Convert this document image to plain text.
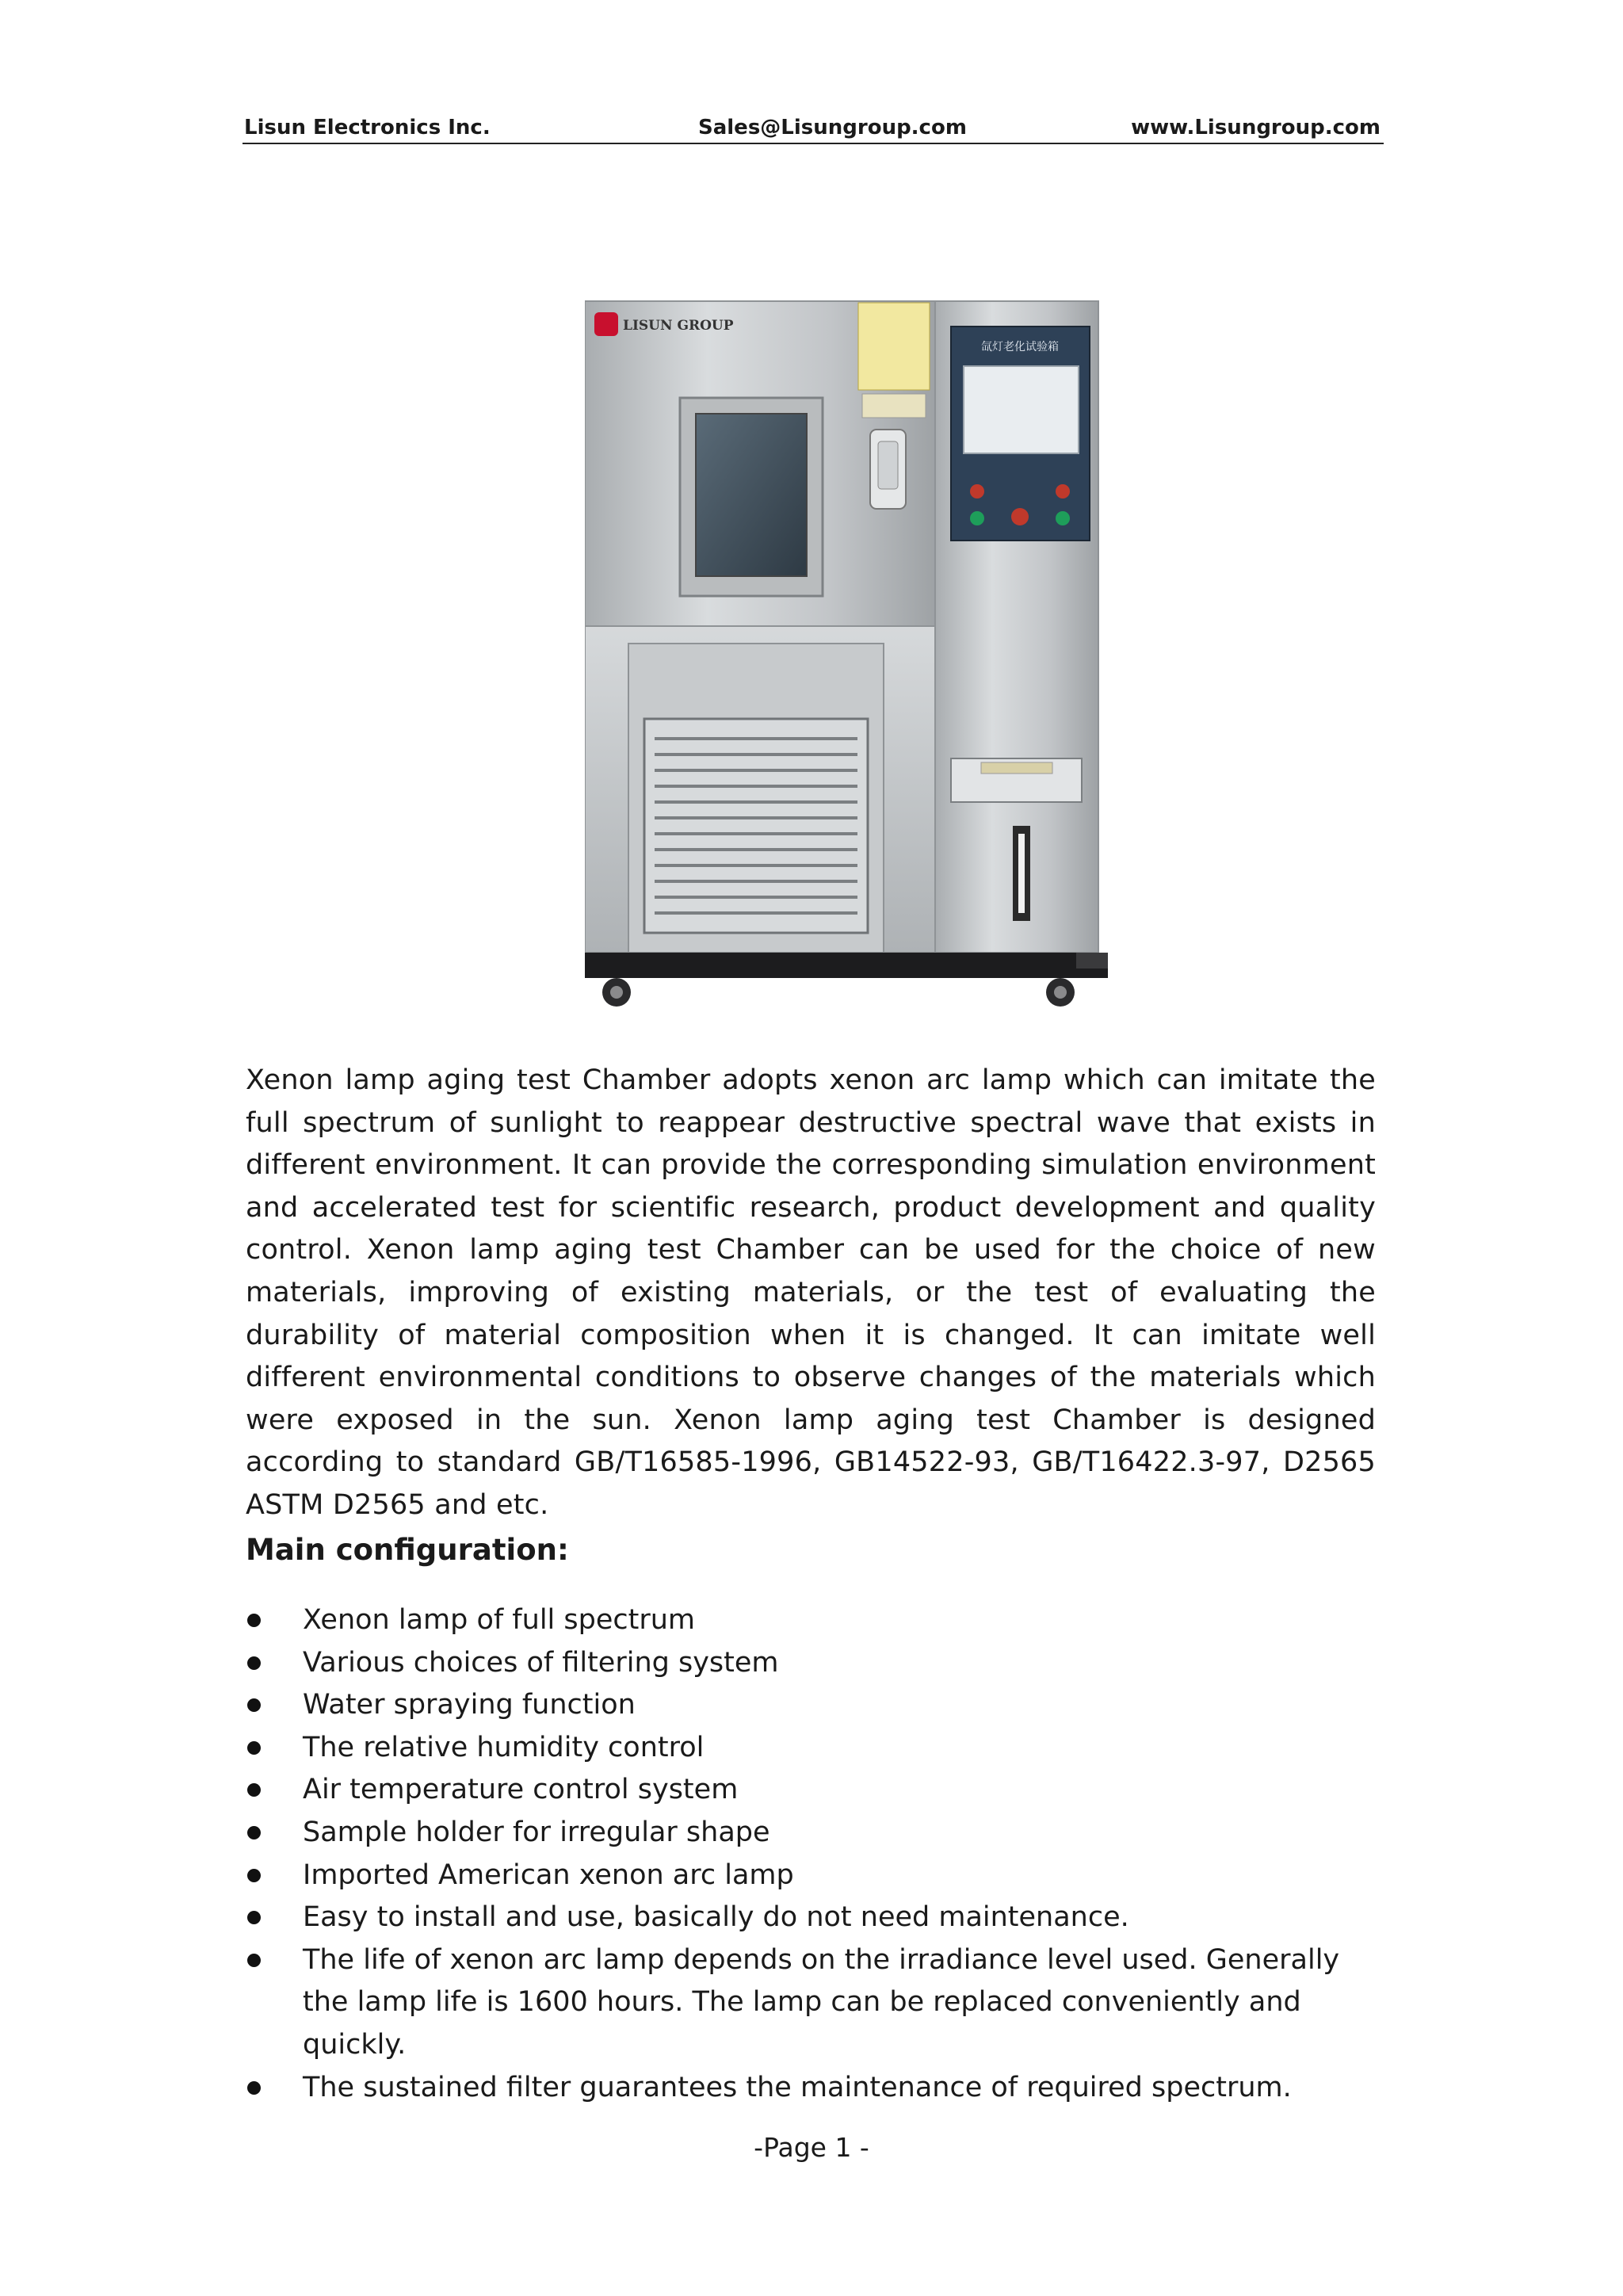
Lisun Electronics Inc.	Sales@Lisungroup.com	www.Lisungroup.com
LISUN GROUP
氙灯老化试验箱

Xenon lamp aging test Chamber adopts xenon arc lamp which can imitate the full spectrum of sunlight to reappear destructive spectral wave that exists in different environment. It can provide the corresponding simulation environment and accelerated test for scientific research, product development and quality control. Xenon lamp aging test Chamber can be used for the choice of new materials, improving of existing materials, or the test of evaluating the durability of material composition when it is changed. It can imitate well different environmental conditions to observe changes of the materials which were exposed in the sun. Xenon lamp aging test Chamber is designed according to standard GB/T16585-1996, GB14522-93, GB/T16422.3-97, D2565 ASTM D2565 and etc.

Main configuration:
Xenon lamp of full spectrum
Various choices of filtering system
Water spraying function
The relative humidity control
Air temperature control system
Sample holder for irregular shape
Imported American xenon arc lamp
Easy to install and use, basically do not need maintenance.
The life of xenon arc lamp depends on the irradiance level used. Generally the lamp life is 1600 hours. The lamp can be replaced conveniently and quickly.
The sustained filter guarantees the maintenance of required spectrum.
-Page 1 -
